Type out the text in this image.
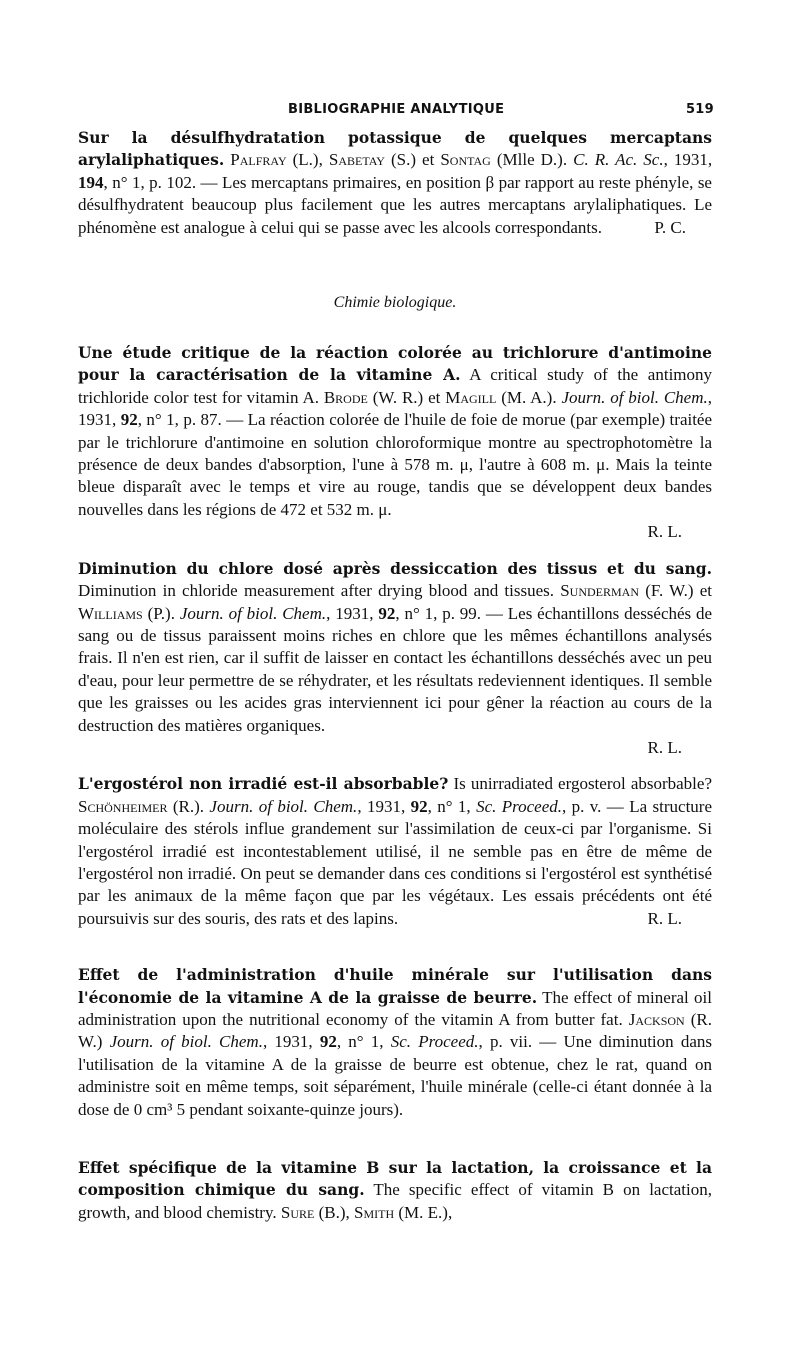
BIBLIOGRAPHIE ANALYTIQUE	519
Sur la désulfhydratation potassique de quelques mercaptans arylaliphatiques. Palfray (L.), Sabetay (S.) et Sontag (Mlle D.). C. R. Ac. Sc., 1931, 194, n° 1, p. 102. — Les mercaptans primaires, en position β par rapport au reste phényle, se désulfhydratent beaucoup plus facilement que les autres mercaptans arylaliphatiques. Le phénomène est analogue à celui qui se passe avec les alcools correspondants.	P. C.

Chimie biologique.

Une étude critique de la réaction colorée au trichlorure d'antimoine pour la caractérisation de la vitamine A. A critical study of the antimony trichloride color test for vitamin A. Brode (W. R.) et Magill (M. A.). Journ. of biol. Chem., 1931, 92, n° 1, p. 87. — La réaction colorée de l'huile de foie de morue (par exemple) traitée par le trichlorure d'antimoine en solution chloroformique montre au spectrophotomètre la présence de deux bandes d'absorption, l'une à 578 m. μ, l'autre à 608 m. μ. Mais la teinte bleue disparaît avec le temps et vire au rouge, tandis que se développent deux bandes nouvelles dans les régions de 472 et 532 m. μ.
R. L.
Diminution du chlore dosé après dessiccation des tissus et du sang. Diminution in chloride measurement after drying blood and tissues. Sunderman (F. W.) et Williams (P.). Journ. of biol. Chem., 1931, 92, n° 1, p. 99. — Les échantillons desséchés de sang ou de tissus paraissent moins riches en chlore que les mêmes échantillons analysés frais. Il n'en est rien, car il suffit de laisser en contact les échantillons desséchés avec un peu d'eau, pour leur permettre de se réhydrater, et les résultats redeviennent identiques. Il semble que les graisses ou les acides gras interviennent ici pour gêner la réaction au cours de la destruction des matières organiques.
R. L.
L'ergostérol non irradié est-il absorbable? Is unirradiated ergosterol absorbable? Schönheimer (R.). Journ. of biol. Chem., 1931, 92, n° 1, Sc. Proceed., p. v. — La structure moléculaire des stérols influe grandement sur l'assimilation de ceux-ci par l'organisme. Si l'ergostérol irradié est incontestablement utilisé, il ne semble pas en être de même de l'ergostérol non irradié. On peut se demander dans ces conditions si l'ergostérol est synthétisé par les animaux de la même façon que par les végétaux. Les essais précédents ont été poursuivis sur des souris, des rats et des lapins.	R. L.
Effet de l'administration d'huile minérale sur l'utilisation dans l'économie de la vitamine A de la graisse de beurre. The effect of mineral oil administration upon the nutritional economy of the vitamin A from butter fat. Jackson (R. W.) Journ. of biol. Chem., 1931, 92, n° 1, Sc. Proceed., p. vii. — Une diminution dans l'utilisation de la vitamine A de la graisse de beurre est obtenue, chez le rat, quand on administre soit en même temps, soit séparément, l'huile minérale (celle-ci étant donnée à la dose de 0 cm³ 5 pendant soixante-quinze jours).
Effet spécifique de la vitamine B sur la lactation, la croissance et la composition chimique du sang. The specific effect of vitamin B on lactation, growth, and blood chemistry. Sure (B.), Smith (M. E.),
